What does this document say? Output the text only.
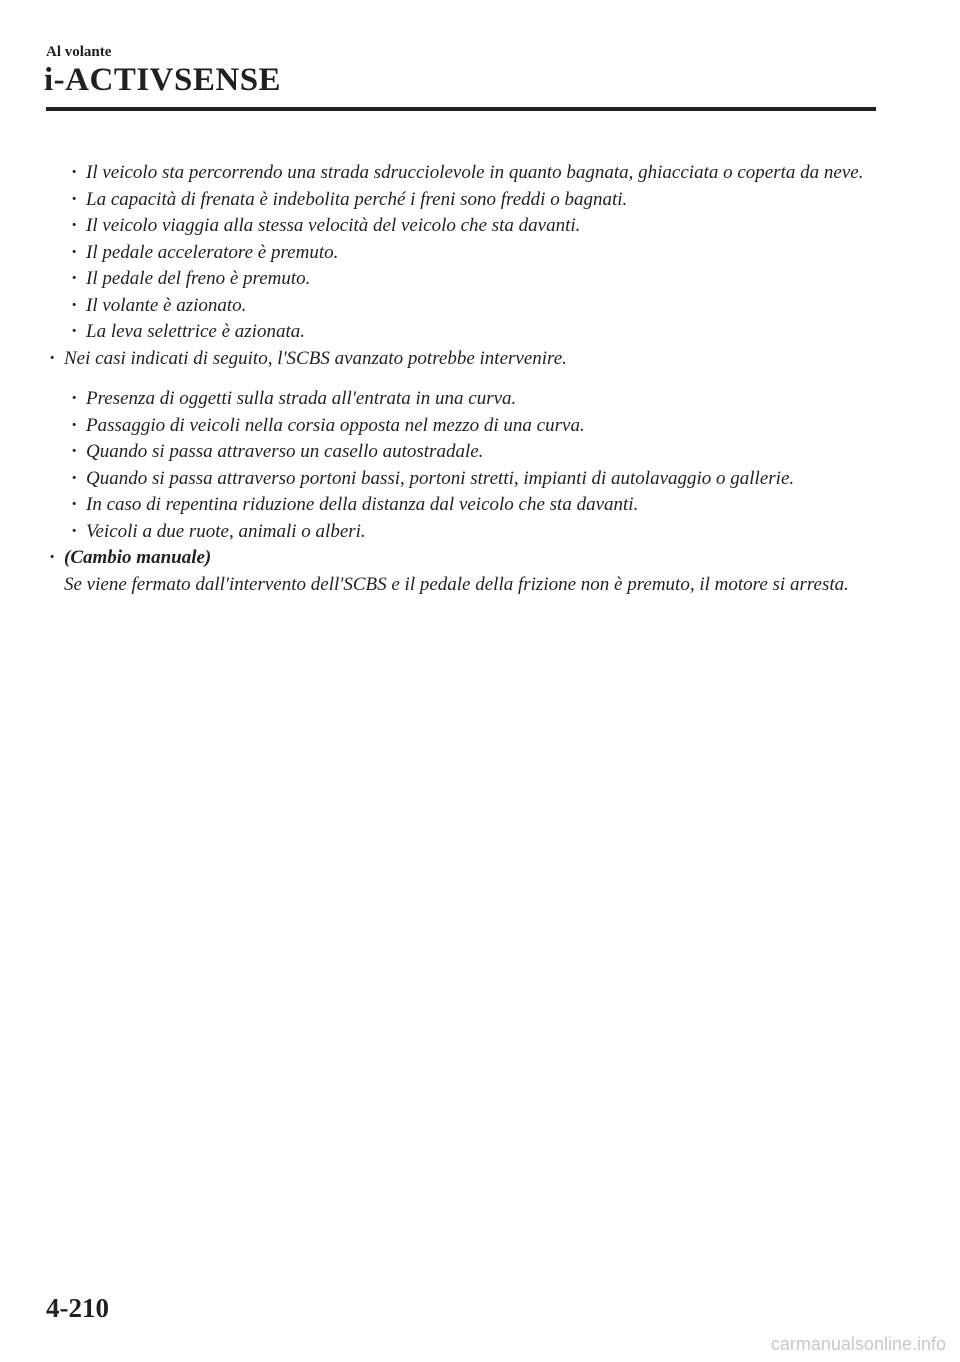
Al volante
i-ACTIVSENSE
· Il veicolo sta percorrendo una strada sdrucciolevole in quanto bagnata, ghiacciata o coperta da neve.
· La capacità di frenata è indebolita perché i freni sono freddi o bagnati.
· Il veicolo viaggia alla stessa velocità del veicolo che sta davanti.
· Il pedale acceleratore è premuto.
· Il pedale del freno è premuto.
· Il volante è azionato.
· La leva selettrice è azionata.
· Nei casi indicati di seguito, l'SCBS avanzato potrebbe intervenire.
· Presenza di oggetti sulla strada all'entrata in una curva.
· Passaggio di veicoli nella corsia opposta nel mezzo di una curva.
· Quando si passa attraverso un casello autostradale.
· Quando si passa attraverso portoni bassi, portoni stretti, impianti di autolavaggio o gallerie.
· In caso di repentina riduzione della distanza dal veicolo che sta davanti.
· Veicoli a due ruote, animali o alberi.
· (Cambio manuale)
Se viene fermato dall'intervento dell'SCBS e il pedale della frizione non è premuto, il motore si arresta.
4-210
carmanualsonline.info
